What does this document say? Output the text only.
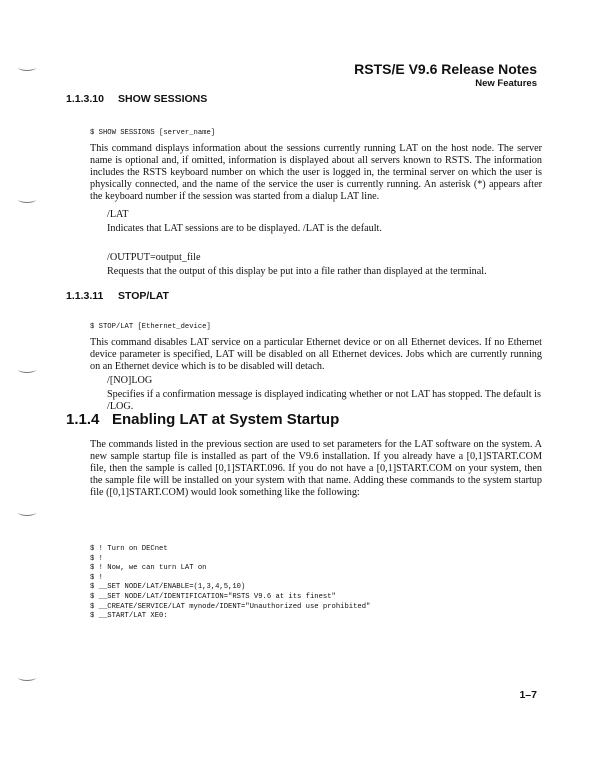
RSTS/E V9.6 Release Notes
New Features
1.1.3.10 SHOW SESSIONS
$ SHOW SESSIONS [server_name]
This command displays information about the sessions currently running LAT on the host node. The server name is optional and, if omitted, information is displayed about all servers known to RSTS. The information includes the RSTS keyboard number on which the user is logged in, the terminal server on which the user is physically connected, and the name of the service the user is currently running. An asterisk (*) appears after the keyboard number if the session was started from a dialup LAT line.
/LAT
Indicates that LAT sessions are to be displayed. /LAT is the default.
/OUTPUT=output_file
Requests that the output of this display be put into a file rather than displayed at the terminal.
1.1.3.11 STOP/LAT
$ STOP/LAT [Ethernet_device]
This command disables LAT service on a particular Ethernet device or on all Ethernet devices. If no Ethernet device parameter is specified, LAT will be disabled on all Ethernet devices. Jobs which are currently running on an Ethernet device which is to be disabled will detach.
/[NO]LOG
Specifies if a confirmation message is displayed indicating whether or not LAT has stopped. The default is /LOG.
1.1.4 Enabling LAT at System Startup
The commands listed in the previous section are used to set parameters for the LAT software on the system. A new sample startup file is installed as part of the V9.6 installation. If you already have a [0,1]START.COM file, then the sample is called [0,1]START.096. If you do not have a [0,1]START.COM on your system, then the sample file will be installed on your system with that name. Adding these commands to the system startup file ([0,1]START.COM) would look something like the following:
$ ! Turn on DECnet
$ !
$ ! Now, we can turn LAT on
$ !
$ __SET NODE/LAT/ENABLE=(1,3,4,5,10)
$ __SET NODE/LAT/IDENTIFICATION="RSTS V9.6 at its finest"
$ __CREATE/SERVICE/LAT mynode/IDENT="Unauthorized use prohibited"
$ __START/LAT XE0:
1–7
